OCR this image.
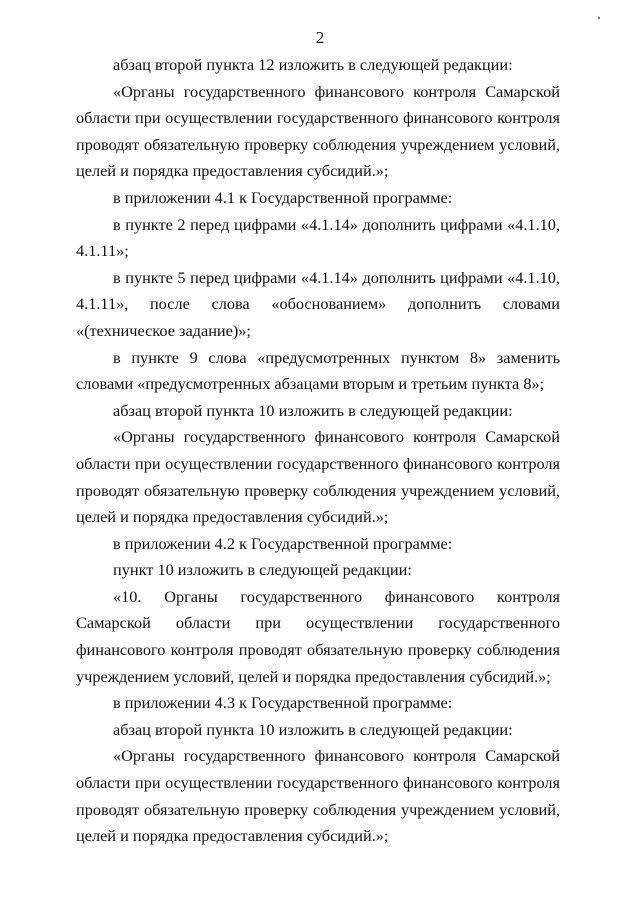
2

абзац второй пункта 12 изложить в следующей редакции:

«Органы государственного финансового контроля Самарской области при осуществлении государственного финансового контроля проводят обязательную проверку соблюдения учреждением условий, целей и порядка предоставления субсидий.»;

в приложении 4.1 к Государственной программе:

в пункте 2 перед цифрами «4.1.14» дополнить цифрами «4.1.10, 4.1.11»;

в пункте 5 перед цифрами «4.1.14» дополнить цифрами «4.1.10, 4.1.11», после слова «обоснованием» дополнить словами «(техническое задание)»;

в пункте 9 слова «предусмотренных пунктом 8» заменить словами «предусмотренных абзацами вторым и третьим пункта 8»;

абзац второй пункта 10 изложить в следующей редакции:

«Органы государственного финансового контроля Самарской области при осуществлении государственного финансового контроля проводят обязательную проверку соблюдения учреждением условий, целей и порядка предоставления субсидий.»;

в приложении 4.2 к Государственной программе:

пункт 10 изложить в следующей редакции:

«10. Органы государственного финансового контроля Самарской области при осуществлении государственного финансового контроля проводят обязательную проверку соблюдения учреждением условий, целей и порядка предоставления субсидий.»;

в приложении 4.3 к Государственной программе:

абзац второй пункта 10 изложить в следующей редакции:

«Органы государственного финансового контроля Самарской области при осуществлении государственного финансового контроля проводят обязательную проверку соблюдения учреждением условий, целей и порядка предоставления субсидий.»;
